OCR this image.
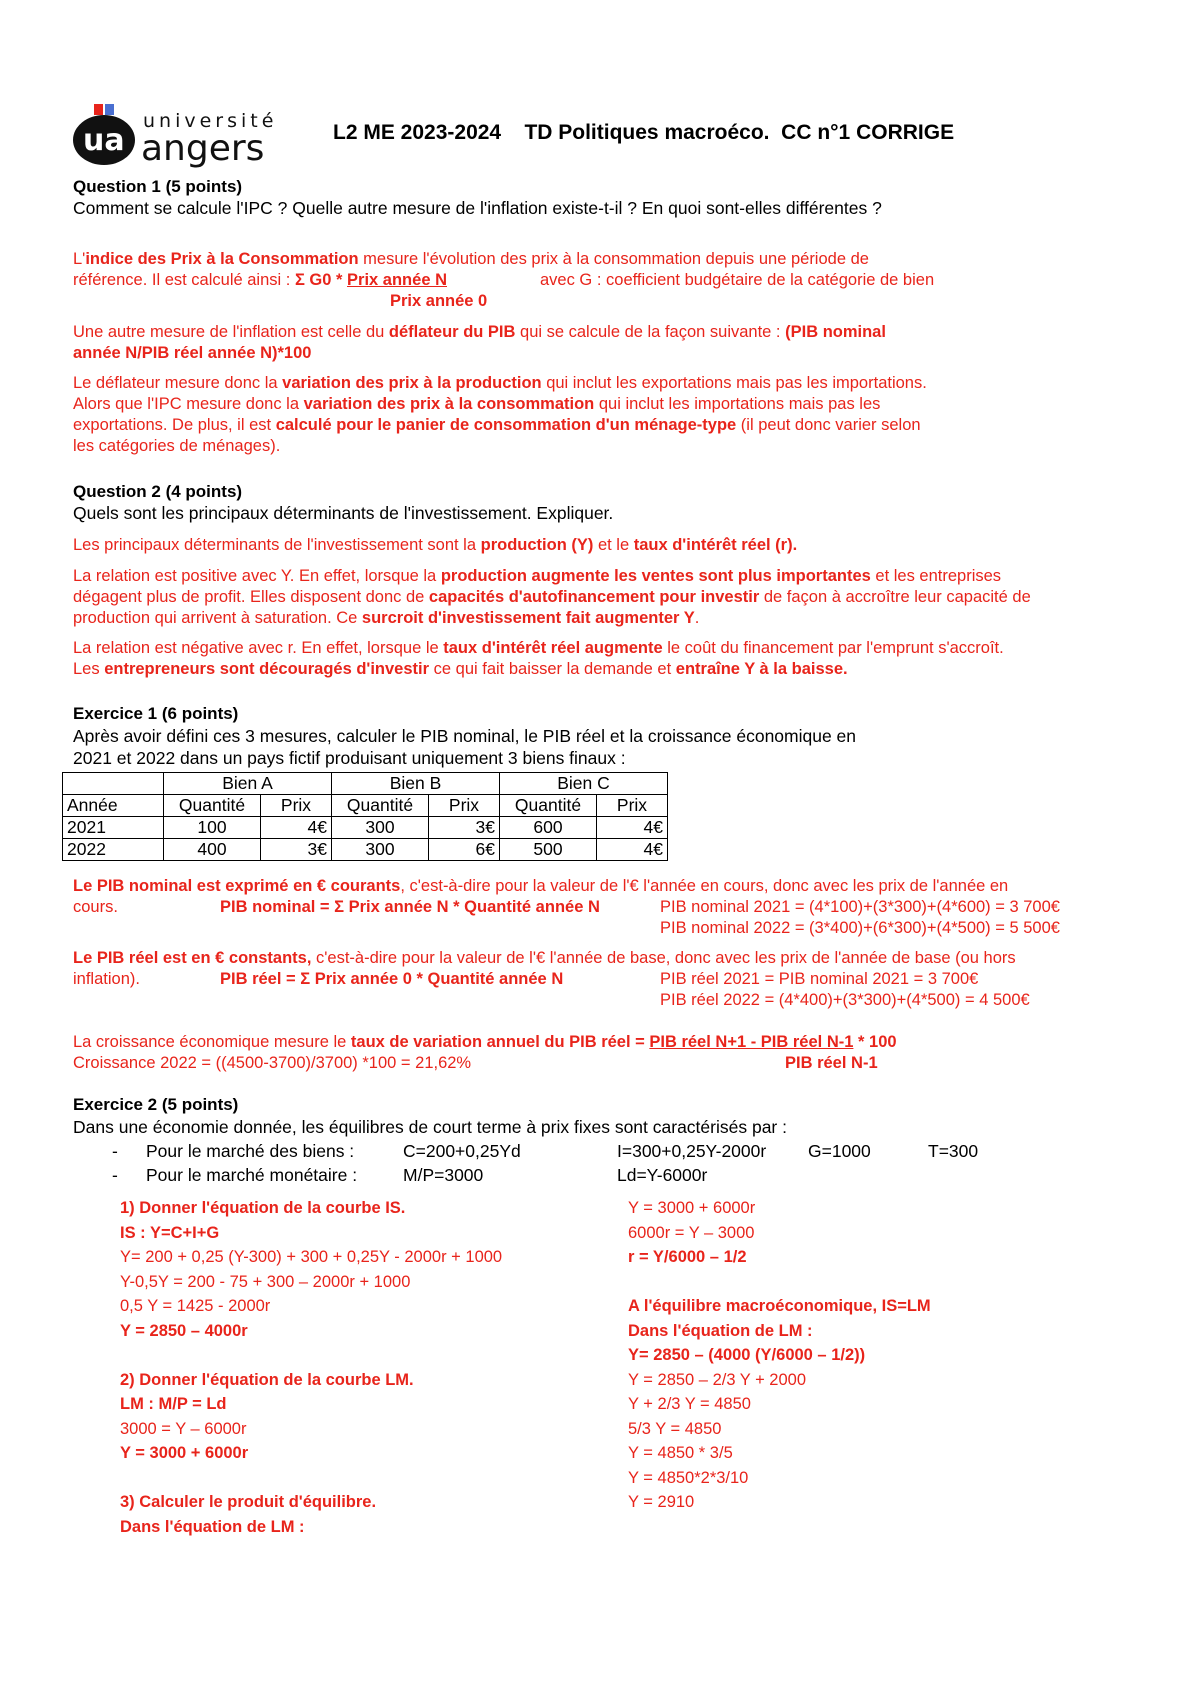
ua
université
angers	L2 ME 2023-2024    TD Politiques macroéco.  CC n°1 CORRIGE
Question 1 (5 points)
Comment se calcule l'IPC ? Quelle autre mesure de l'inflation existe-t-il ? En quoi sont-elles différentes ?
L'indice des Prix à la Consommation mesure l'évolution des prix à la consommation depuis une période de
référence. Il est calculé ainsi : Σ G0 * Prix année N	avec G : coefficient budgétaire de la catégorie de bien
Prix année 0
Une autre mesure de l'inflation est celle du déflateur du PIB qui se calcule de la façon suivante : (PIB nominal
année N/PIB réel année N)*100
Le déflateur mesure donc la variation des prix à la production qui inclut les exportations mais pas les importations.
Alors que l'IPC mesure donc la variation des prix à la consommation qui inclut les importations mais pas les
exportations. De plus, il est calculé pour le panier de consommation d'un ménage-type (il peut donc varier selon
les catégories de ménages).
Question 2 (4 points)
Quels sont les principaux déterminants de l'investissement. Expliquer.
Les principaux déterminants de l'investissement sont la production (Y) et le taux d'intérêt réel (r).
La relation est positive avec Y. En effet, lorsque la production augmente les ventes sont plus importantes et les entreprises
dégagent plus de profit. Elles disposent donc de capacités d'autofinancement pour investir de façon à accroître leur capacité de
production qui arrivent à saturation. Ce surcroit d'investissement fait augmenter Y.
La relation est négative avec r. En effet, lorsque le taux d'intérêt réel augmente le coût du financement par l'emprunt s'accroît.
Les entrepreneurs sont découragés d'investir ce qui fait baisser la demande et entraîne Y à la baisse.
Exercice 1 (6 points)
Après avoir défini ces 3 mesures, calculer le PIB nominal, le PIB réel et la croissance économique en
2021 et 2022 dans un pays fictif produisant uniquement 3 biens finaux :
	Bien A		Bien B		Bien C	
Année	Quantité	Prix	Quantité	Prix	Quantité	Prix
2021	100	4€	300	3€	600	4€
2022	400	3€	300	6€	500	4€
Le PIB nominal est exprimé en € courants, c'est-à-dire pour la valeur de l'€ l'année en cours, donc avec les prix de l'année en
cours.	PIB nominal = Σ Prix année N * Quantité année N	PIB nominal 2021 = (4*100)+(3*300)+(4*600) = 3 700€
PIB nominal 2022 = (3*400)+(6*300)+(4*500) = 5 500€
Le PIB réel est en € constants, c'est-à-dire pour la valeur de l'€ l'année de base, donc avec les prix de l'année de base (ou hors
inflation).	PIB réel = Σ Prix année 0 * Quantité année N	PIB réel 2021 = PIB nominal 2021 = 3 700€
PIB réel 2022 = (4*400)+(3*300)+(4*500) = 4 500€
La croissance économique mesure le taux de variation annuel du PIB réel = PIB réel N+1 - PIB réel N-1 * 100
Croissance 2022 = ((4500-3700)/3700) *100 = 21,62%	PIB réel N-1
Exercice 2 (5 points)
Dans une économie donnée, les équilibres de court terme à prix fixes sont caractérisés par :
- Pour le marché des biens :	C=200+0,25Yd	I=300+0,25Y-2000r G=1000	T=300
- Pour le marché monétaire :	M/P=3000	Ld=Y-6000r
1) Donner l'équation de la courbe IS.
IS : Y=C+I+G
Y= 200 + 0,25 (Y-300) + 300 + 0,25Y - 2000r + 1000
Y-0,5Y = 200 - 75 + 300 – 2000r + 1000
0,5 Y = 1425 - 2000r
Y = 2850 – 4000r
2) Donner l'équation de la courbe LM.
LM : M/P = Ld
3000 = Y – 6000r
Y = 3000 + 6000r
3) Calculer le produit d'équilibre.
Dans l'équation de LM :
Y = 3000 + 6000r
6000r = Y – 3000
r = Y/6000 – 1/2
A l'équilibre macroéconomique, IS=LM
Dans l'équation de LM :
Y= 2850 – (4000 (Y/6000 – 1/2))
Y = 2850 – 2/3 Y + 2000
Y + 2/3 Y = 4850
5/3 Y = 4850
Y = 4850 * 3/5
Y = 4850*2*3/10
Y = 2910
